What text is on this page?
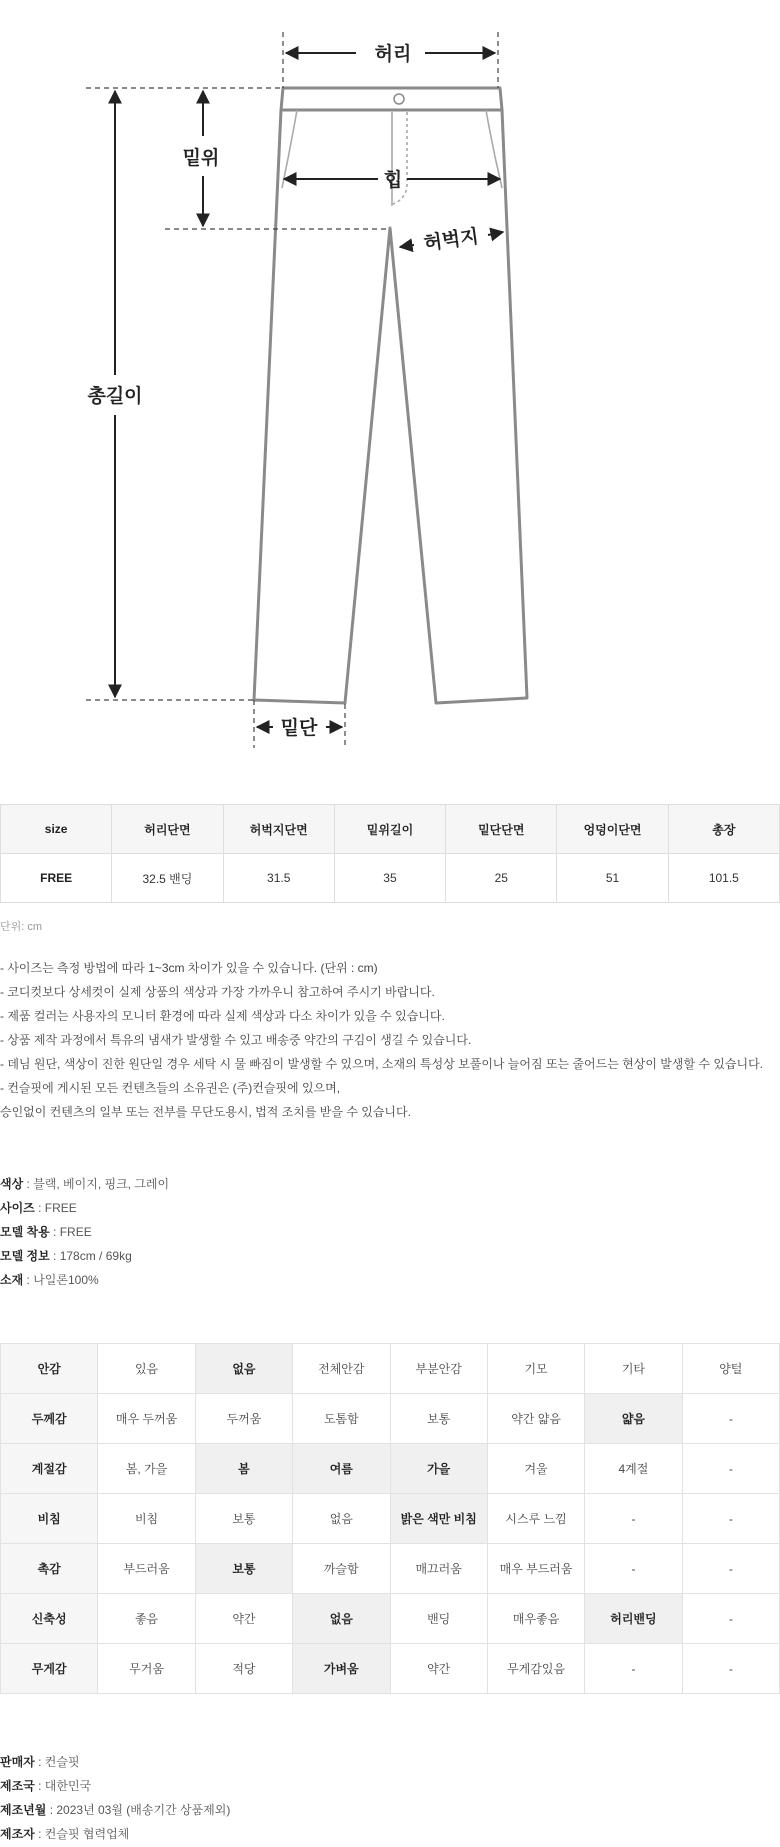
허리
밑위
힙
허벅지
총길이
밑단
size	허리단면	허벅지단면	밑위길이	밑단단면	엉덩이단면	총장
FREE	32.5 밴딩	31.5	35	25	51	101.5
단위: cm
- 사이즈는 측정 방법에 따라 1~3cm 차이가 있을 수 있습니다. (단위 : cm)
- 코디컷보다 상세컷이 실제 상품의 색상과 가장 가까우니 참고하여 주시기 바랍니다.
- 제품 컬러는 사용자의 모니터 환경에 따라 실제 색상과 다소 차이가 있을 수 있습니다.
- 상품 제작 과정에서 특유의 냄새가 발생할 수 있고 배송중 약간의 구김이 생길 수 있습니다.
- 데님 원단, 색상이 진한 원단일 경우 세탁 시 물 빠짐이 발생할 수 있으며, 소재의 특성상 보풀이나 늘어짐 또는 줄어드는 현상이 발생할 수 있습니다.
- 컨슬핏에 게시된 모든 컨텐츠들의 소유권은 (주)컨슬핏에 있으며,
승인없이 컨텐츠의 일부 또는 전부를 무단도용시, 법적 조치를 받을 수 있습니다.
색상 : 블랙, 베이지, 핑크, 그레이
사이즈 : FREE
모델 착용 : FREE
모델 정보 : 178cm / 69kg
소재 : 나일론100%
안감	있음	없음	전체안감	부분안감	기모	기타	양털
두께감	매우 두꺼움	두꺼움	도톰함	보통	약간 얇음	얇음	-
계절감	봄, 가을	봄	여름	가을	겨울	4계절	-
비침	비침	보통	없음	밝은 색만 비침	시스루 느낌	-	-
촉감	부드러움	보통	까슬함	매끄러움	매우 부드러움	-	-
신축성	좋음	약간	없음	밴딩	매우좋음	허리밴딩	-
무게감	무거움	적당	가벼움	약간	무게감있음	-	-
판매자 : 컨슬핏
제조국 : 대한민국
제조년월 : 2023년 03월 (배송기간 상품제외)
제조자 : 컨슬핏 협력업체
